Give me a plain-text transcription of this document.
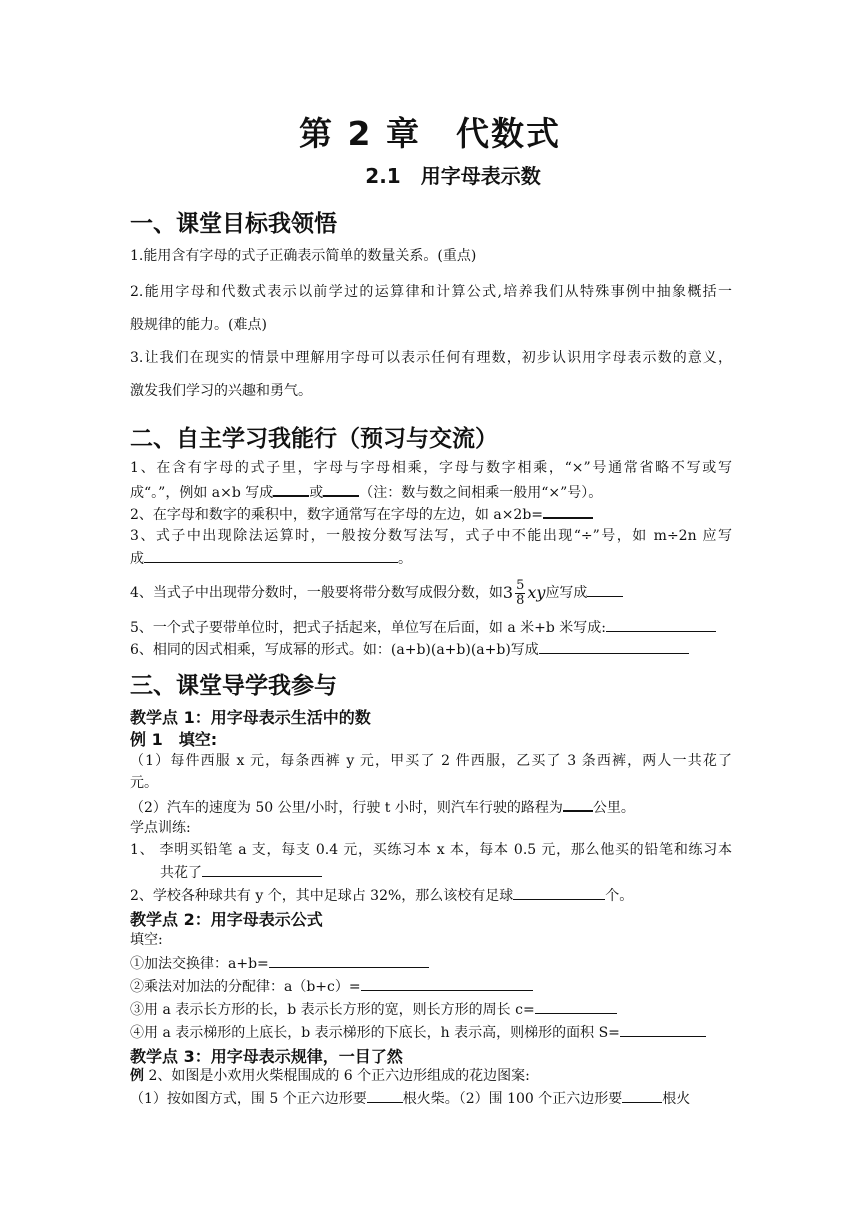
第 2 章　代数式
2.1　用字母表示数
一、课堂目标我领悟
1.能用含有字母的式子正确表示简单的数量关系。(重点)
2.能用字母和代数式表示以前学过的运算律和计算公式,培养我们从特殊事例中抽象概括一
般规律的能力。(难点)
3.让我们在现实的情景中理解用字母可以表示任何有理数，初步认识用字母表示数的意义，
激发我们学习的兴趣和勇气。
二、自主学习我能行（预习与交流）
1、在含有字母的式子里，字母与字母相乘，字母与数字相乘，“×”号通常省略不写或写
成“。”，例如 a×b 写成	或	（注：数与数之间相乘一般用“×”号）。
2、在字母和数字的乘积中，数字通常写在字母的左边，如 a×2b=
3、式子中出现除法运算时，一般按分数写法写，式子中不能出现“÷”号，如 m÷2n 应写
成	。
4、当式子中出现带分数时，一般要将带分数写成假分数，如$3 \frac{5}{8}$ xy应写成
5、一个式子要带单位时，把式子括起来，单位写在后面，如 a 米+b 米写成:
6、相同的因式相乘，写成幂的形式。如：(a+b)(a+b)(a+b)写成
三、课堂导学我参与
教学点 1：用字母表示生活中的数
例 1　填空:
（1）每件西服 x 元，每条西裤 y 元，甲买了 2 件西服，乙买了 3 条西裤，两人一共花了
元。
（2）汽车的速度为 50 公里/小时，行驶 t 小时，则汽车行驶的路程为 公里。
学点训练:
1、 李明买铅笔 a 支，每支 0.4 元，买练习本 x 本，每本 0.5 元，那么他买的铅笔和练习本
共花了
2、学校各种球共有 y 个，其中足球占 32%，那么该校有足球	个。
教学点 2：用字母表示公式
填空:
①加法交换律：a+b=
②乘法对加法的分配律：a（b+c）=
③用 a 表示长方形的长，b 表示长方形的宽，则长方形的周长 c=
④用 a 表示梯形的上底长，b 表示梯形的下底长，h 表示高，则梯形的面积 S=
教学点 3：用字母表示规律，一目了然
例 2、如图是小欢用火柴棍围成的 6 个正六边形组成的花边图案:
（1）按如图方式，围 5 个正六边形要	根火柴。（2）围 100 个正六边形要	根火
